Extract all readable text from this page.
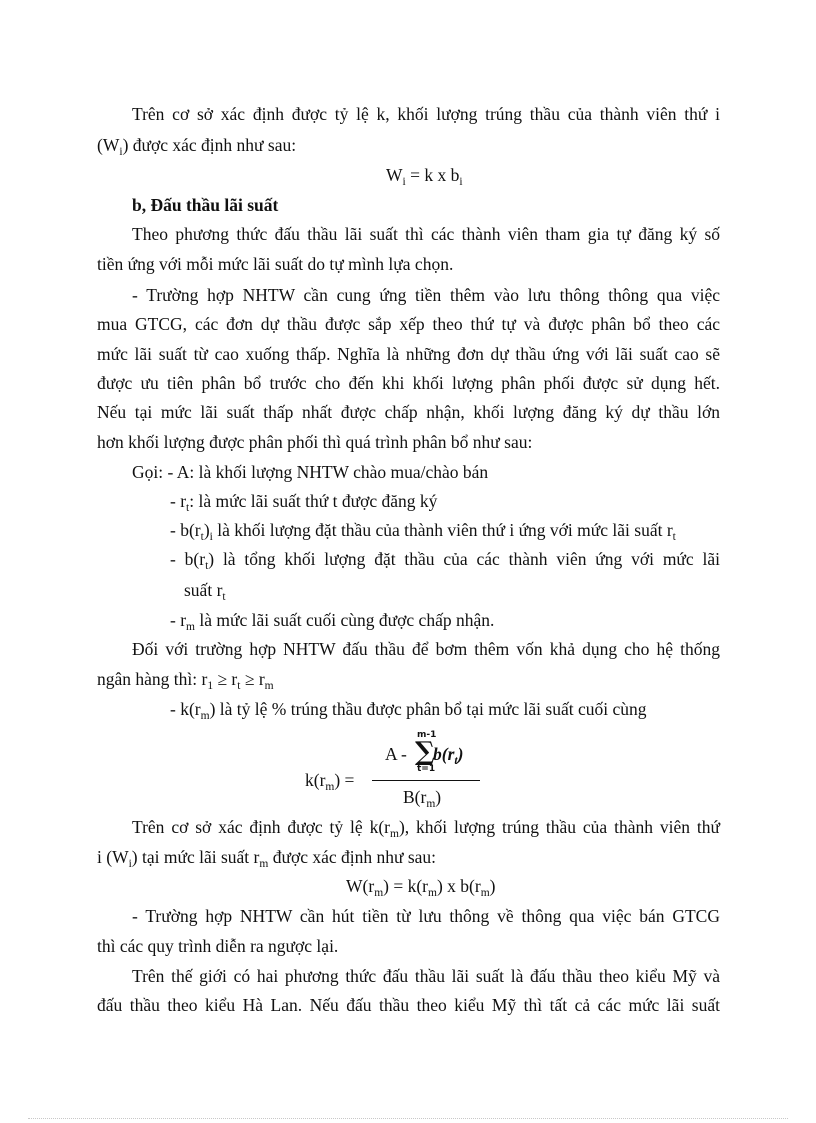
Trên cơ sở xác định được tỷ lệ k, khối lượng trúng thầu của thành viên thứ i
$(W_i)$ được xác định như sau:
$W_i = k$ x $b_i$
b, Đấu thầu lãi suất
Theo phương thức đấu thầu lãi suất thì các thành viên tham gia tự đăng ký số
tiền ứng với mỗi mức lãi suất do tự mình lựa chọn.
- Trường hợp NHTW cần cung ứng tiền thêm vào lưu thông thông qua việc
mua GTCG, các đơn dự thầu được sắp xếp theo thứ tự và được phân bổ theo các
mức lãi suất từ cao xuống thấp. Nghĩa là những đơn dự thầu ứng với lãi suất cao sẽ
được ưu tiên phân bổ trước cho đến khi khối lượng phân phối được sử dụng hết.
Nếu tại mức lãi suất thấp nhất được chấp nhận, khối lượng đăng ký dự thầu lớn
hơn khối lượng được phân phối thì quá trình phân bổ như sau:
Gọi: - A: là khối lượng NHTW chào mua/chào bán
- $r_t$: là mức lãi suất thứ t được đăng ký
- $b(r_t)_i$ là khối lượng đặt thầu của thành viên thứ i ứng với mức lãi suất $r_t$
- $b(r_t)$ là tổng khối lượng đặt thầu của các thành viên ứng với mức lãi
suất $r_t$
- $r_m$ là mức lãi suất cuối cùng được chấp nhận.
Đối với trường hợp NHTW đấu thầu để bơm thêm vốn khả dụng cho hệ thống
ngân hàng thì: $r_1 \ge r_t \ge r_m$
- $k(r_m)$ là tỷ lệ % trúng thầu được phân bổ tại mức lãi suất cuối cùng
$k(r_m)$ =
A -
m-1
∑
t=1
$b(r_t)$
$B(r_m)$
Trên cơ sở xác định được tỷ lệ $k(r_m)$, khối lượng trúng thầu của thành viên thứ
i $(W_i)$ tại mức lãi suất $r_m$ được xác định như sau:
$W(r_m) = k(r_m)$ x $b(r_m)$
- Trường hợp NHTW cần hút tiền từ lưu thông về thông qua việc bán GTCG
thì các quy trình diễn ra ngược lại.
Trên thế giới có hai phương thức đấu thầu lãi suất là đấu thầu theo kiểu Mỹ và
đấu thầu theo kiểu Hà Lan. Nếu đấu thầu theo kiểu Mỹ thì tất cả các mức lãi suất
